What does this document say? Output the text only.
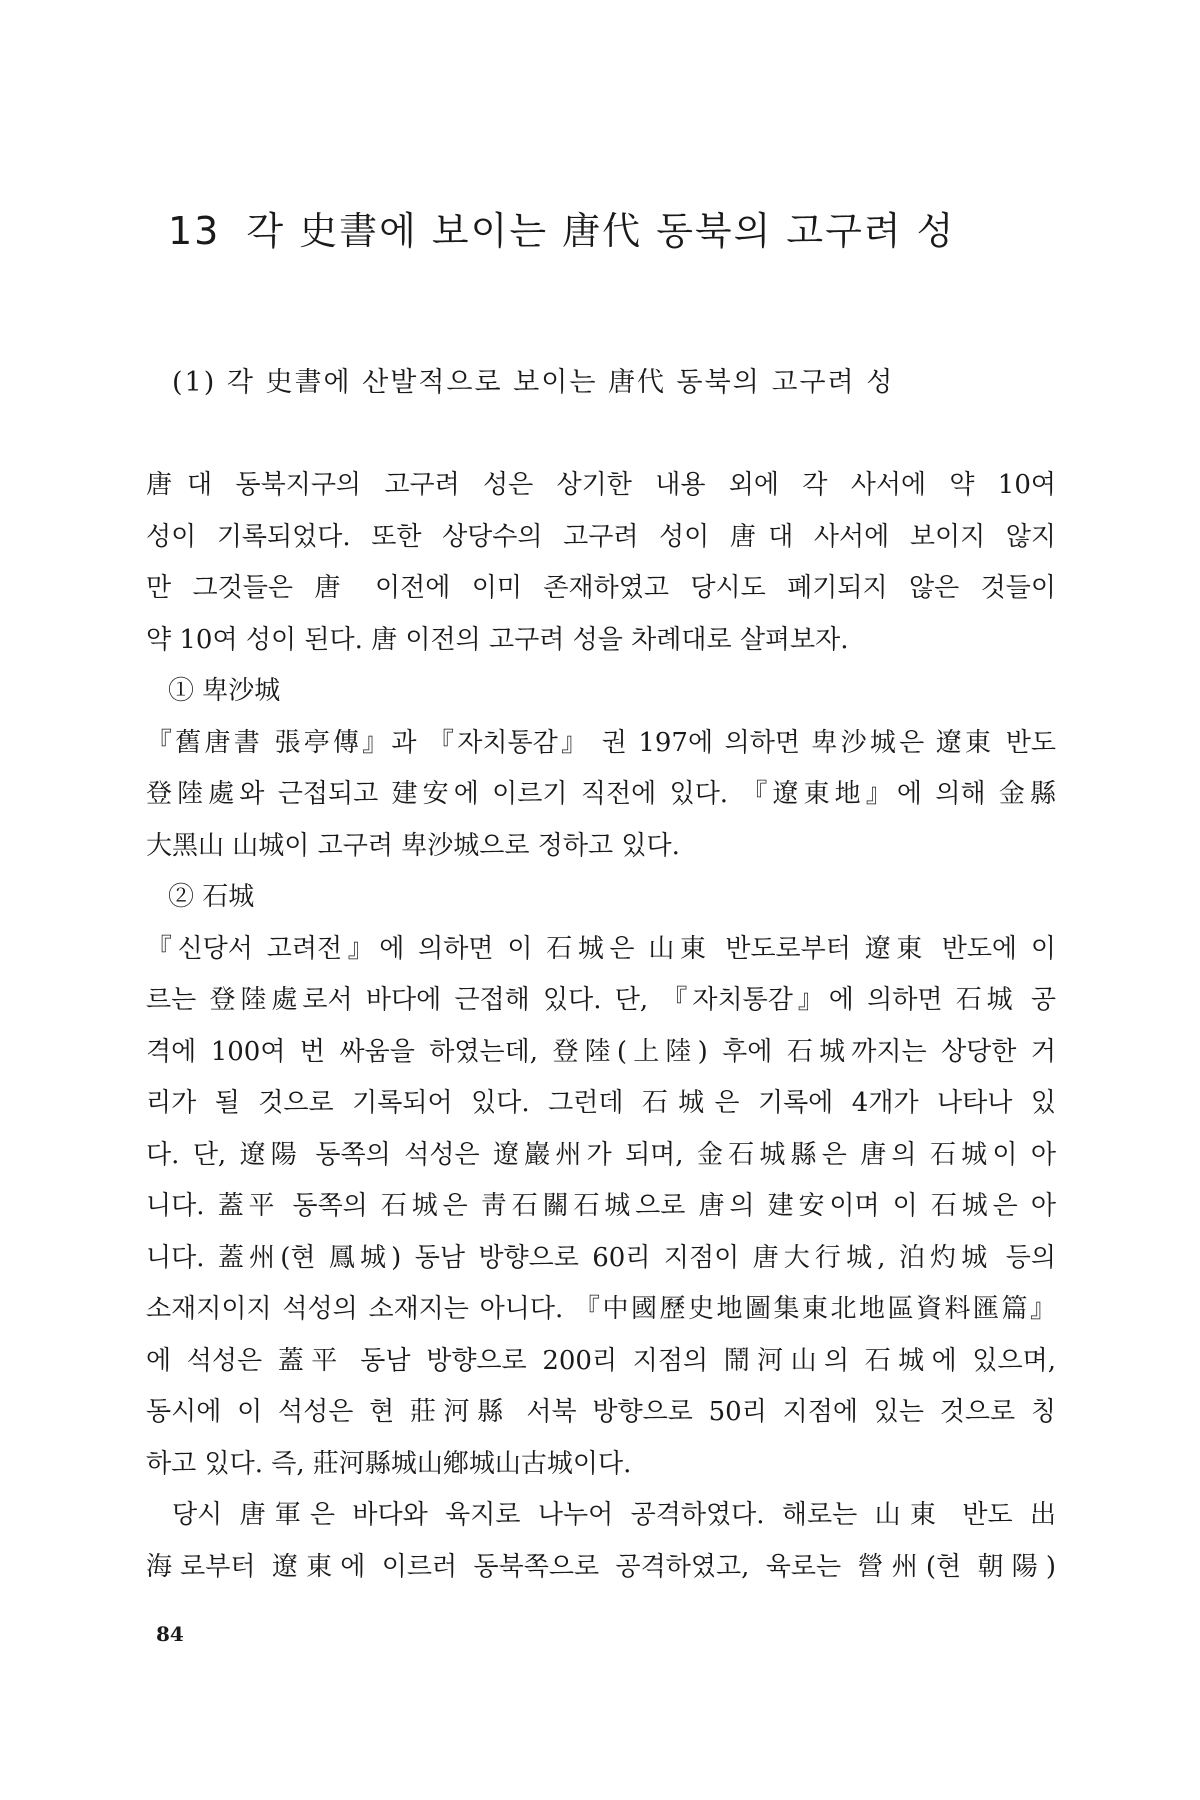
13 각 史書에 보이는 唐代 동북의 고구려 성
(1) 각 史書에 산발적으로 보이는 唐代 동북의 고구려 성
唐대 동북지구의 고구려 성은 상기한 내용 외에 각 사서에 약 10여
성이 기록되었다. 또한 상당수의 고구려 성이 唐대 사서에 보이지 않지
만 그것들은 唐 이전에 이미 존재하였고 당시도 폐기되지 않은 것들이
약 10여 성이 된다. 唐 이전의 고구려 성을 차례대로 살펴보자.
① 卑沙城
『舊唐書 張亭傳』과 『자치통감』 권 197에 의하면 卑沙城은 遼東 반도
登陸處와 근접되고 建安에 이르기 직전에 있다. 『遼東地』에 의해 金縣
大黑山 山城이 고구려 卑沙城으로 정하고 있다.
② 石城
『신당서 고려전』에 의하면 이 石城은 山東 반도로부터 遼東 반도에 이
르는 登陸處로서 바다에 근접해 있다. 단, 『자치통감』에 의하면 石城 공
격에 100여 번 싸움을 하였는데, 登陸(上陸) 후에 石城까지는 상당한 거
리가 될 것으로 기록되어 있다. 그런데 石城은 기록에 4개가 나타나 있
다. 단, 遼陽 동쪽의 석성은 遼巖州가 되며, 金石城縣은 唐의 石城이 아
니다. 蓋平 동쪽의 石城은 靑石關石城으로 唐의 建安이며 이 石城은 아
니다. 蓋州(현 鳳城) 동남 방향으로 60리 지점이 唐大行城, 泊灼城 등의
소재지이지 석성의 소재지는 아니다. 『中國歷史地圖集東北地區資料匯篇』
에 석성은 蓋平 동남 방향으로 200리 지점의 鬧河山의 石城에 있으며,
동시에 이 석성은 현 莊河縣 서북 방향으로 50리 지점에 있는 것으로 칭
하고 있다. 즉, 莊河縣城山鄕城山古城이다.
당시 唐軍은 바다와 육지로 나누어 공격하였다. 해로는 山東 반도 出
海로부터 遼東에 이르러 동북쪽으로 공격하였고, 육로는 營州(현 朝陽)
84
